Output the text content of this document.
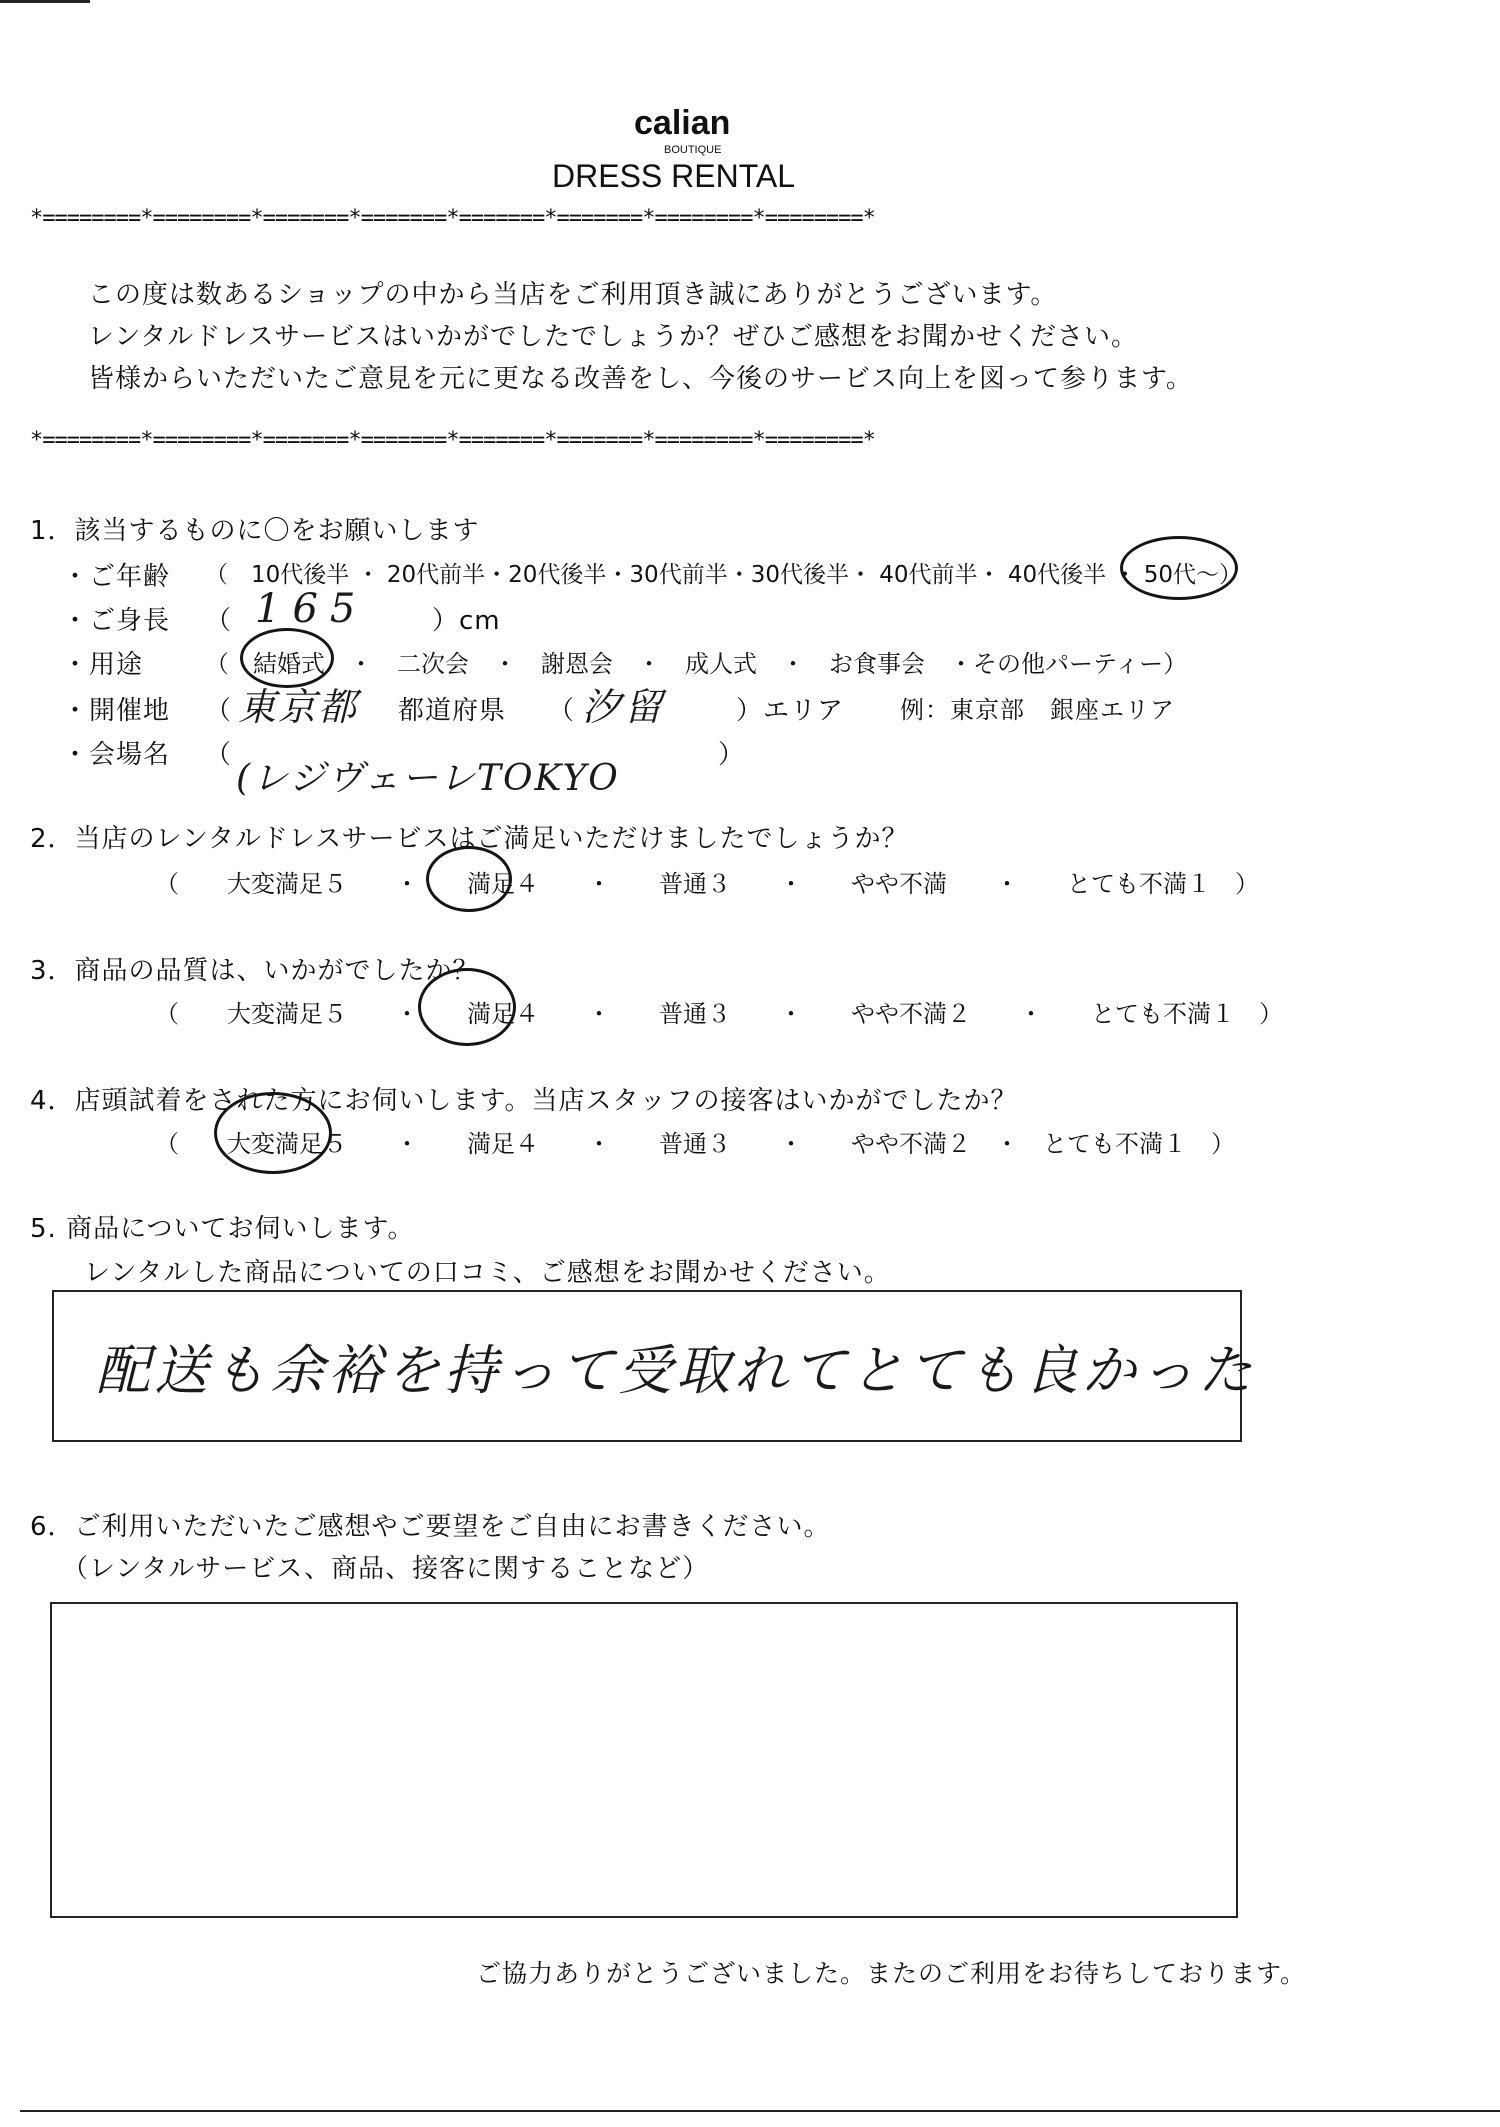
calian
BOUTIQUE
DRESS RENTAL
*========*========*=======*=======*=======*=======*========*========*
この度は数あるショップの中から当店をご利用頂き誠にありがとうございます。
レンタルドレスサービスはいかがでしたでしょうか？ぜひご感想をお聞かせください。
皆様からいただいたご意見を元に更なる改善をし、今後のサービス向上を図って参ります。
*========*========*=======*=======*=======*=======*========*========*
1．該当するものに〇をお願いします
・ご年齢 （　10代後半 ・ 20代前半・20代後半・30代前半・30代後半・ 40代前半・ 40代後半 ・ 50代〜）
・ご身長 （ 165 ）cm
・用途	（　結婚式　・　二次会　・　謝恩会　・　成人式　・　お食事会　・その他パーティー）
・開催地 （ 東京都 都道府県 （ 汐留	）エリア 例：東京部　銀座エリア
・会場名 （	）
(レジヴェーレTOKYO
2．当店のレンタルドレスサービスはご満足いただけましたでしょうか？
（　　大変満足５　　・　　満足４　　・　　普通３　　・　　やや不満　　・　　とても不満１　）
3．商品の品質は、いかがでしたか？
（　　大変満足５　　・　　満足４　　・　　普通３　　・　　やや不満２　　・　　とても不満１　）
4．店頭試着をされた方にお伺いします。当店スタッフの接客はいかがでしたか？
（　　大変満足５　　・　　満足４　　・　　普通３　　・　　やや不満２　・　とても不満１　）
5. 商品についてお伺いします。
レンタルした商品についての口コミ、ご感想をお聞かせください。
配送も余裕を持って受取れてとても良かった
6．ご利用いただいたご感想やご要望をご自由にお書きください。
（レンタルサービス、商品、接客に関することなど）
ご協力ありがとうございました。またのご利用をお待ちしております。
